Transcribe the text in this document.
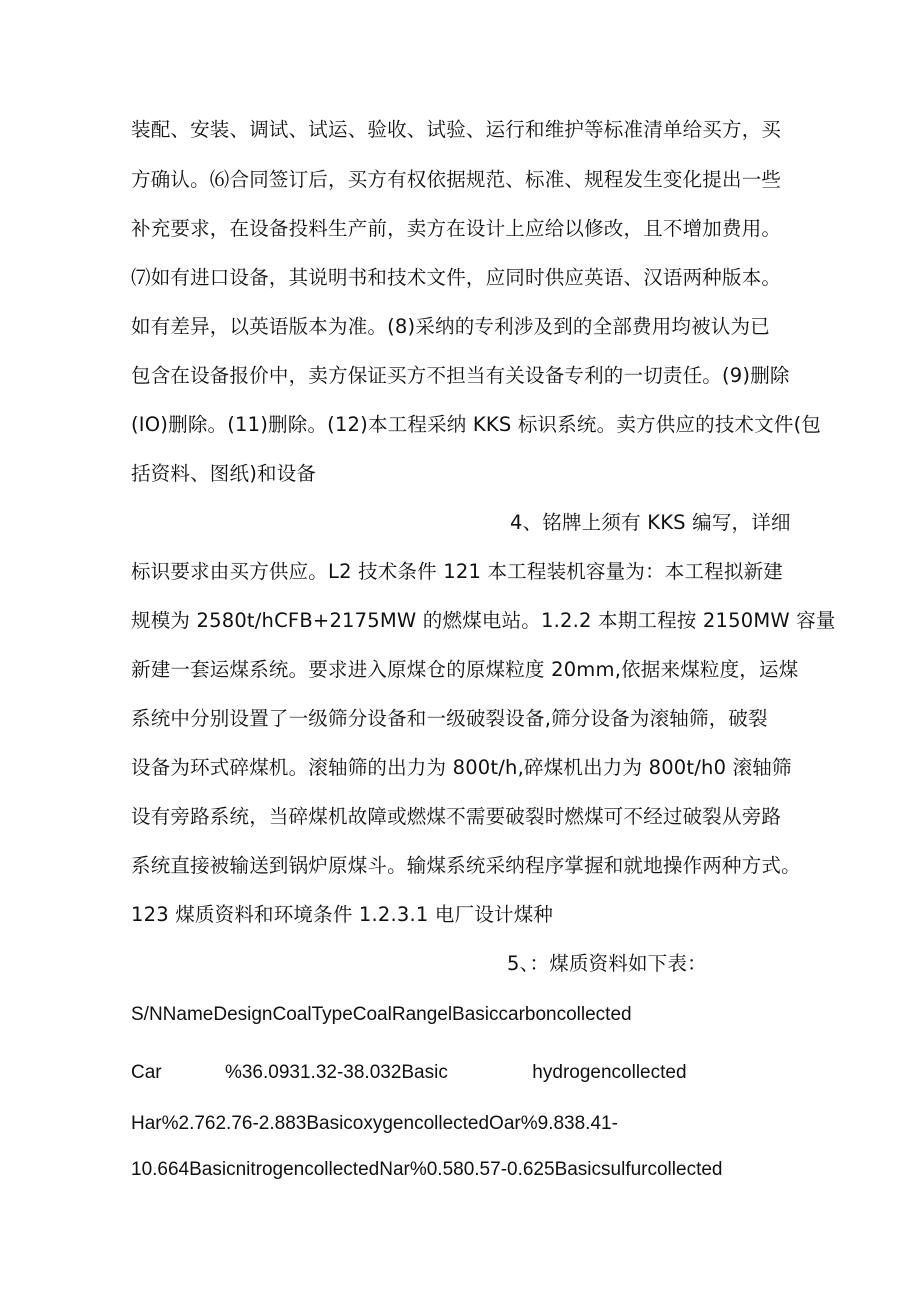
装配、安装、调试、试运、验收、试验、运行和维护等标准清单给买方，买

方确认。⑹合同签订后，买方有权依据规范、标准、规程发生变化提出一些

补充要求，在设备投料生产前，卖方在设计上应给以修改，且不增加费用。

⑺如有进口设备，其说明书和技术文件，应同时供应英语、汉语两种版本。

如有差异，以英语版本为准。(8)采纳的专利涉及到的全部费用均被认为已

包含在设备报价中，卖方保证买方不担当有关设备专利的一切责任。(9)删除

(IO)删除。(11)删除。(12)本工程采纳 KKS 标识系统。卖方供应的技术文件(包

括资料、图纸)和设备

4、铭牌上须有 KKS 编写，详细

标识要求由买方供应。L2 技术条件 121 本工程装机容量为：本工程拟新建

规模为 2580t∕hCFB+2175MW 的燃煤电站。1.2.2 本期工程按 2150MW 容量

新建一套运煤系统。要求进入原煤仓的原煤粒度 20mm,依据来煤粒度，运煤

系统中分别设置了一级筛分设备和一级破裂设备,筛分设备为滚轴筛，破裂

设备为环式碎煤机。滚轴筛的出力为 800t∕h,碎煤机出力为 800t∕h0 滚轴筛

设有旁路系统，当碎煤机故障或燃煤不需要破裂时燃煤可不经过破裂从旁路

系统直接被输送到锅炉原煤斗。输煤系统采纳程序掌握和就地操作两种方式。

123 煤质资料和环境条件 1.2.3.1 电厂设计煤种

5、：煤质资料如下表：

S/NNameDesignCoalTypeCoalRangelBasiccarboncollected

Car            %36.0931.32-38.032Basic                hydrogencollected

Har%2.762.76-2.883BasicoxygencollectedOar%9.838.41-

10.664BasicnitrogencollectedNar%0.580.57-0.625Basicsulfurcollected
